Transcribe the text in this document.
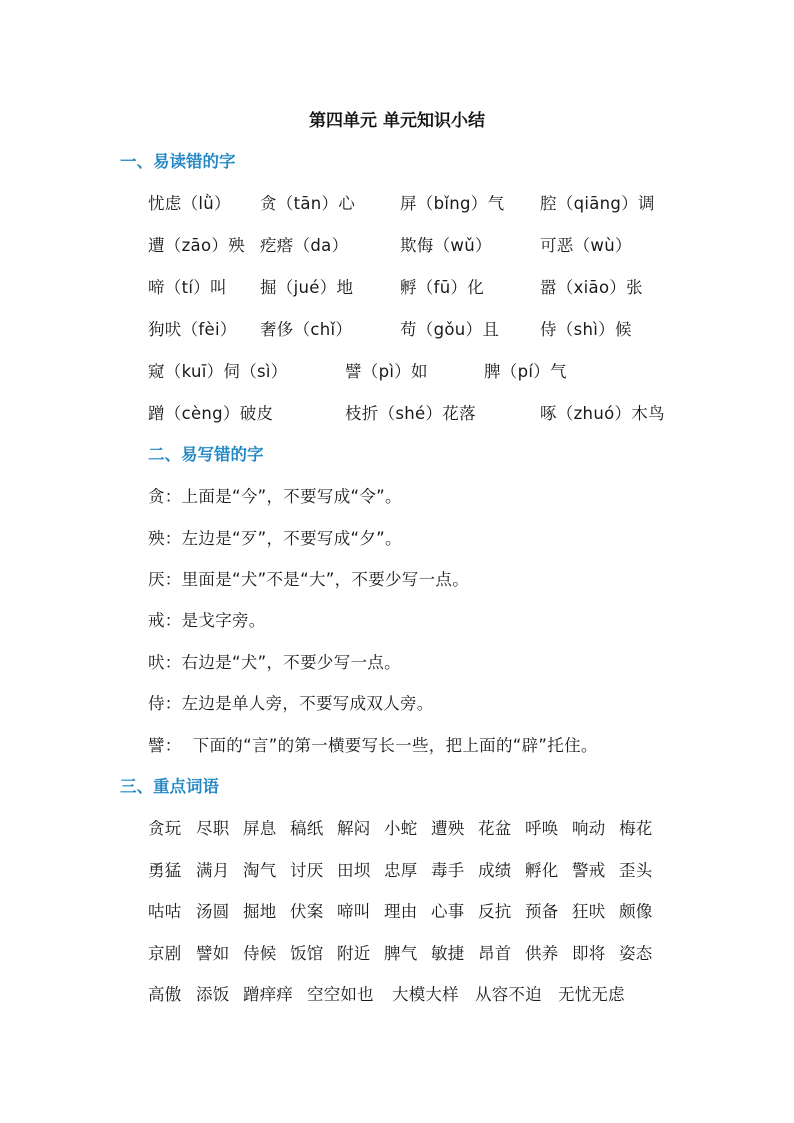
第四单元 单元知识小结
一、易读错的字
忧虑（lǜ） 贪（tān）心	屏（bǐng）气 腔（qiāng）调
遭（zāo）殃 疙瘩（da）	欺侮（wǔ）	可恶（wù）
啼（tí）叫 掘（jué）地	孵（fū）化	嚣（xiāo）张
狗吠（fèi） 奢侈（chǐ）	苟（gǒu）且 侍（shì）候
窥（kuī）伺（sì）	譬（pì）如	脾（pí）气
蹭（cèng）破皮	枝折（shé）花落	啄（zhuó）木鸟
二、易写错的字
贪：上面是“今”，不要写成“令”。
殃：左边是“歹”，不要写成“夕”。
厌：里面是“犬”不是“大”，不要少写一点。
戒：是戈字旁。
吠：右边是“犬”，不要少写一点。
侍：左边是单人旁，不要写成双人旁。
譬：  下面的“言”的第一横要写长一些，把上面的“辟”托住。
三、重点词语
贪玩 尽职 屏息 稿纸 解闷 小蛇 遭殃 花盆 呼唤 响动 梅花
勇猛 满月 淘气 讨厌 田坝 忠厚 毒手 成绩 孵化 警戒 歪头
咕咕 汤圆 掘地 伏案 啼叫 理由 心事 反抗 预备 狂吠 颇像
京剧 譬如 侍候 饭馆 附近 脾气 敏捷 昂首 供养 即将 姿态
高傲 添饭 蹭痒痒 空空如也 大模大样 从容不迫 无忧无虑
